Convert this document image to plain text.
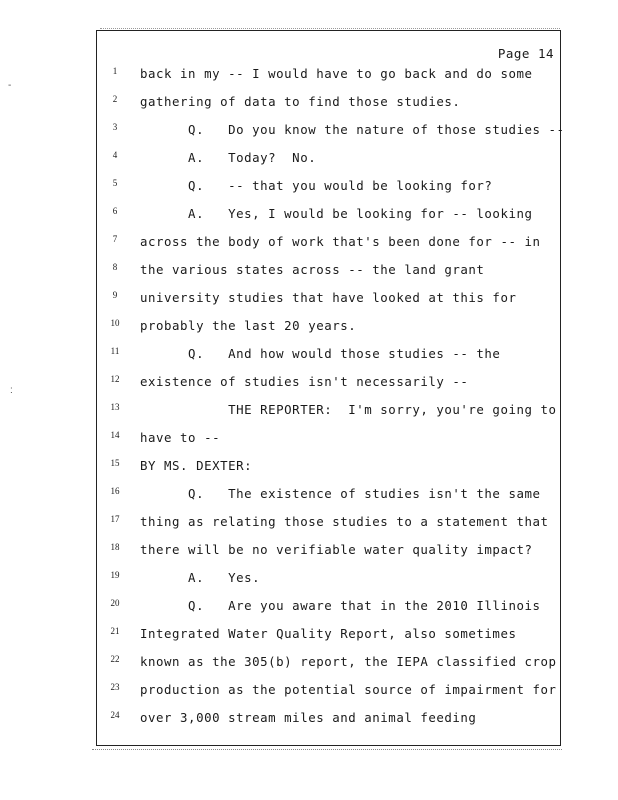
-
:
Page 14
1	back in my -- I would have to go back and do some
2	gathering of data to find those studies.
3	Q.   Do you know the nature of those studies --
4	A.   Today?  No.
5	Q.   -- that you would be looking for?
6	A.   Yes, I would be looking for -- looking
7	across the body of work that's been done for -- in
8	the various states across -- the land grant
9	university studies that have looked at this for
10	probably the last 20 years.
11	Q.   And how would those studies -- the
12	existence of studies isn't necessarily --
13	THE REPORTER:  I'm sorry, you're going to
14	have to --
15	BY MS. DEXTER:
16	Q.   The existence of studies isn't the same
17	thing as relating those studies to a statement that
18	there will be no verifiable water quality impact?
19	A.   Yes.
20	Q.   Are you aware that in the 2010 Illinois
21	Integrated Water Quality Report, also sometimes
22	known as the 305(b) report, the IEPA classified crop
23	production as the potential source of impairment for
24	over 3,000 stream miles and animal feeding
